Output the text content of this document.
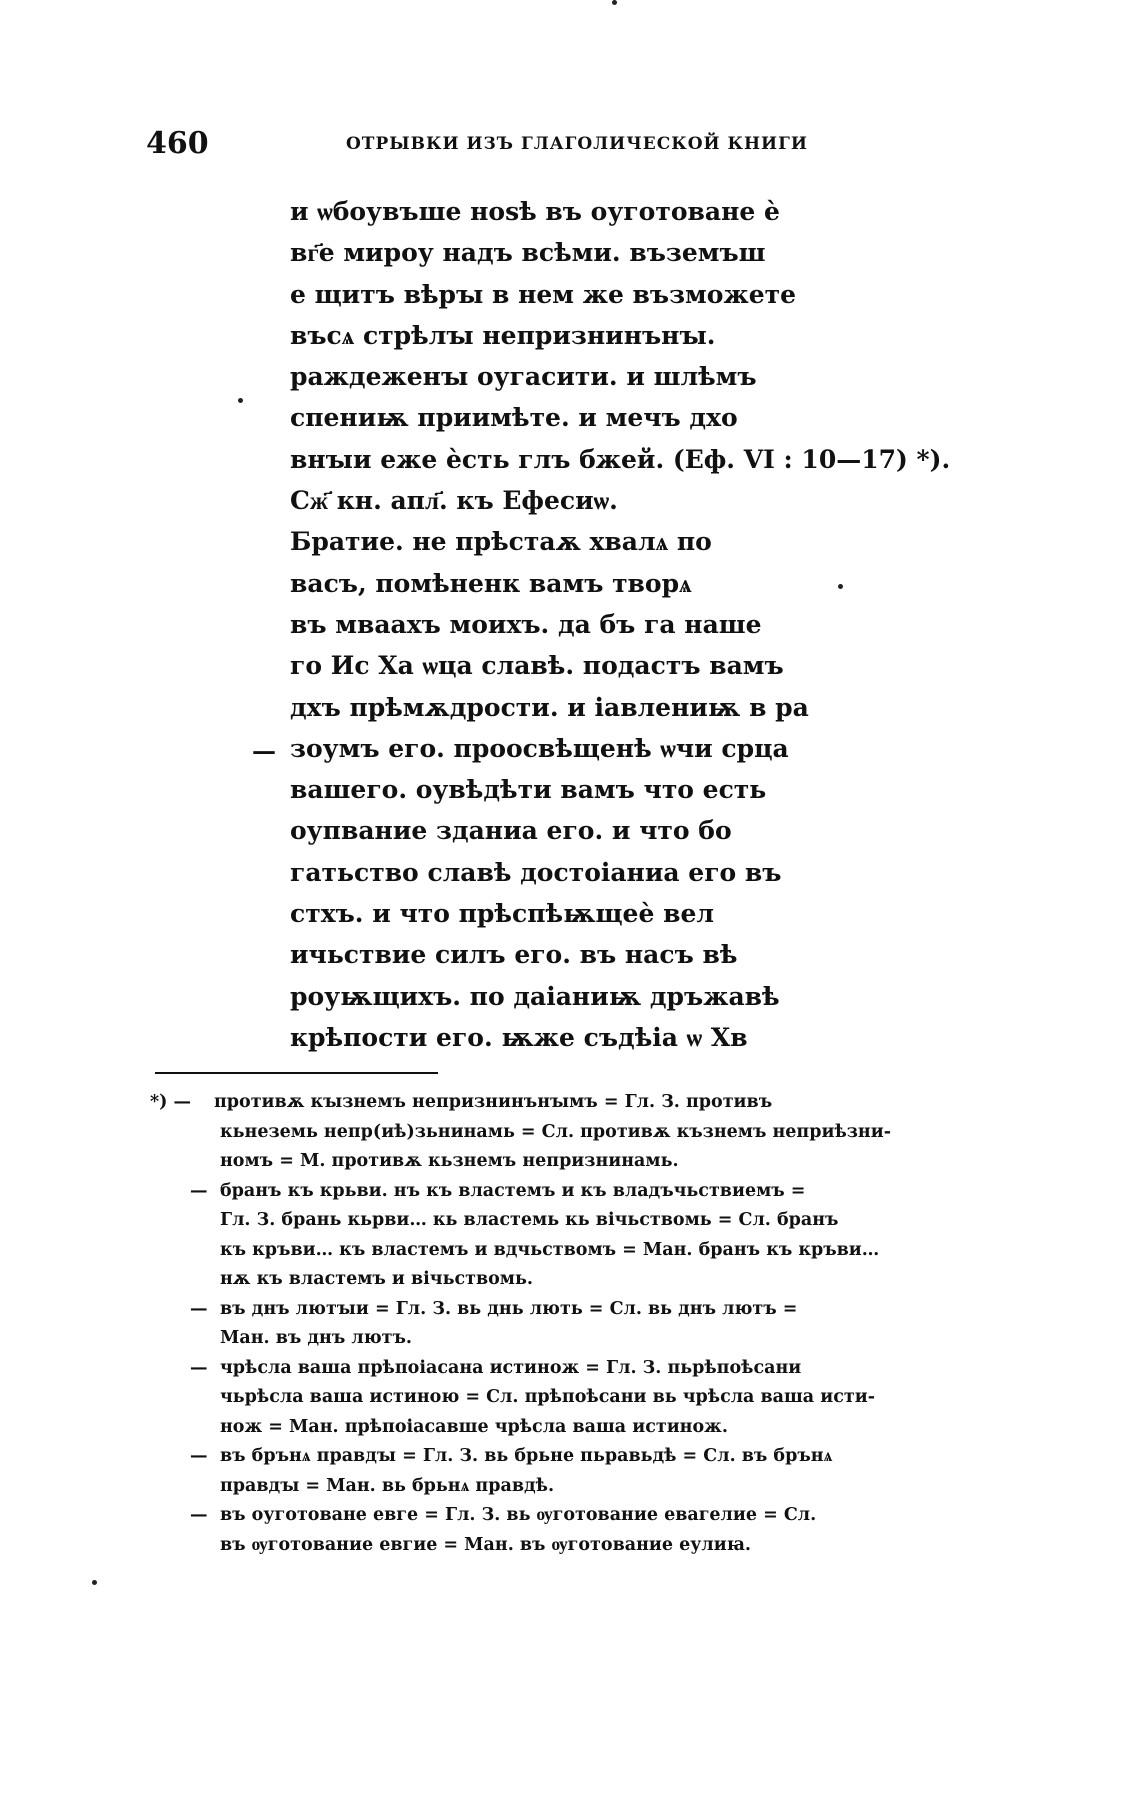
460	ОТРЫВКИ ИЗЪ ГЛАГОЛИЧЕСКОЙ КНИГИ
и ѡбоувъше ноѕѣ въ оуготоване ѐ
вг҃е мироу надъ всѣми. въземъш
е щитъ вѣрꙑ в нем же възможете
въсѧ стрѣлꙑ непризнинънꙑ.
раждеженꙑ оугасити. и шлѣмъ
спениѭ приимѣте. и мечъ дхо
внꙑи еже ѐсть глъ бжей. (Еф. VI : 10—17) *).
Сж҃ кн. апл҃. къ Ефесиѡ.
Братие. не прѣстаѫ хвалѧ по
васъ, помѣненк вамъ творѧ
въ мваахъ моихъ. да бъ га наше
го Ис Ха ѡца славѣ. подастъ вамъ
дхъ прѣмѫдрости. и іавлениѭ в ра
зоумъ его. проосвѣщенѣ ѡчи срца
вашего. оувѣдѣти вамъ что есть
оупвание зданиа его. и что бо
гатьство славѣ достоіаниа его въ
стхъ. и что прѣспѣѭщеѐ вел
ичьствие силъ его. въ насъ вѣ
роуѭщихъ. по даіаниѭ дръжавѣ
крѣпости его. ѭже съдѣіа ѡ Хв
—
*) — противѫ кꙑзнемъ непризнинънꙑмъ = Гл. З. противъ
кьнеземь непр(иѣ)зьнинамь = Сл. противѫ къзнемъ неприѣзни-
номъ = М. противѫ кьзнемъ непризнинамь.
— бранъ къ крьви. нъ къ властемъ и къ владъчьствиемъ =
Гл. З. брань кьрви… кь властемь кь вічьствомь = Сл. бранъ
къ кръви… къ властемъ и вдчьствомъ = Ман. бранъ къ кръви…
нѫ къ властемъ и вічьствомь.
— въ днъ лютꙑи = Гл. З. вь днь лють = Сл. вь днъ лютъ =
Ман. въ днъ лютъ.
— чрѣсла ваша прѣпоіасана истинож = Гл. З. пьрѣпоѣсани
чьрѣсла ваша истиною = Сл. прѣпоѣсани вь чрѣсла ваша исти-
нож = Ман. прѣпоіасавше чрѣсла ваша истинож.
— въ брънѧ правдꙑ = Гл. З. вь брьне пьравьдѣ = Сл. въ брънѧ
правдꙑ = Ман. вь брьнѧ правдѣ.
— въ оуготоване евге = Гл. З. вь ѹготование евагелие = Сл.
въ ѹготование евгие = Ман. въ ѹготование еулиꙗ.
